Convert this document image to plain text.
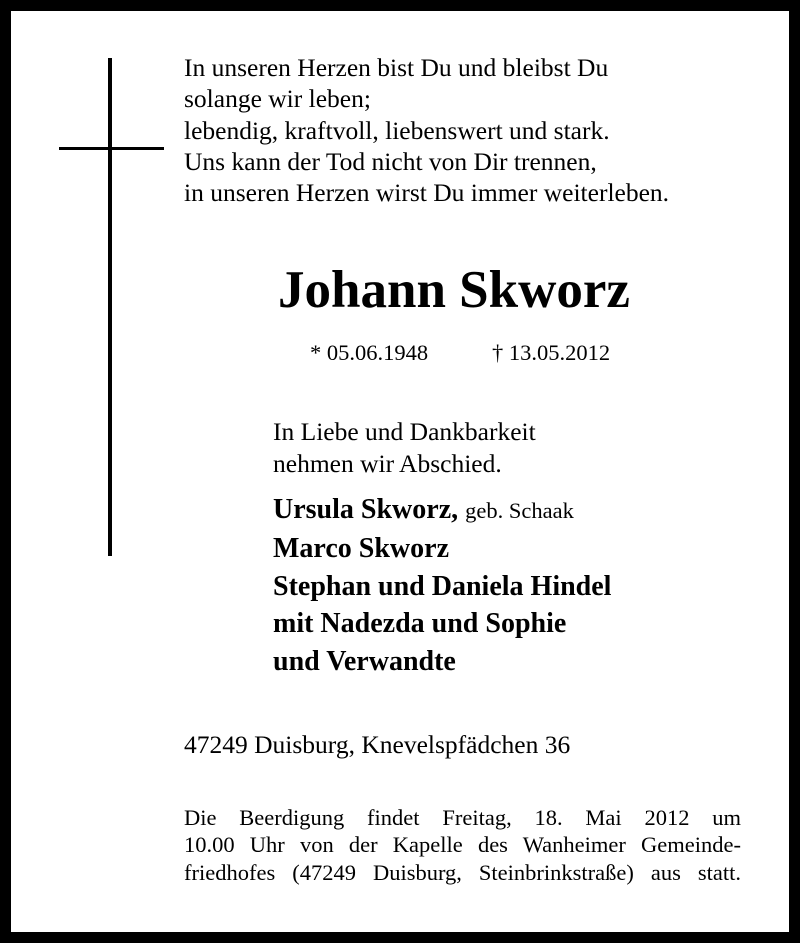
In unseren Herzen bist Du und bleibst Du
solange wir leben;
lebendig, kraftvoll, liebenswert und stark.
Uns kann der Tod nicht von Dir trennen,
in unseren Herzen wirst Du immer weiterleben.
Johann Skworz
* 05.06.1948	† 13.05.2012
In Liebe und Dankbarkeit
nehmen wir Abschied.
Ursula Skworz, geb. Schaak
Marco Skworz
Stephan und Daniela Hindel
mit Nadezda und Sophie
und Verwandte
47249 Duisburg, Knevelspfädchen 36
Die Beerdigung findet Freitag, 18. Mai 2012 um
10.00 Uhr von der Kapelle des Wanheimer Gemeinde-
friedhofes (47249 Duisburg, Steinbrinkstraße) aus statt.
